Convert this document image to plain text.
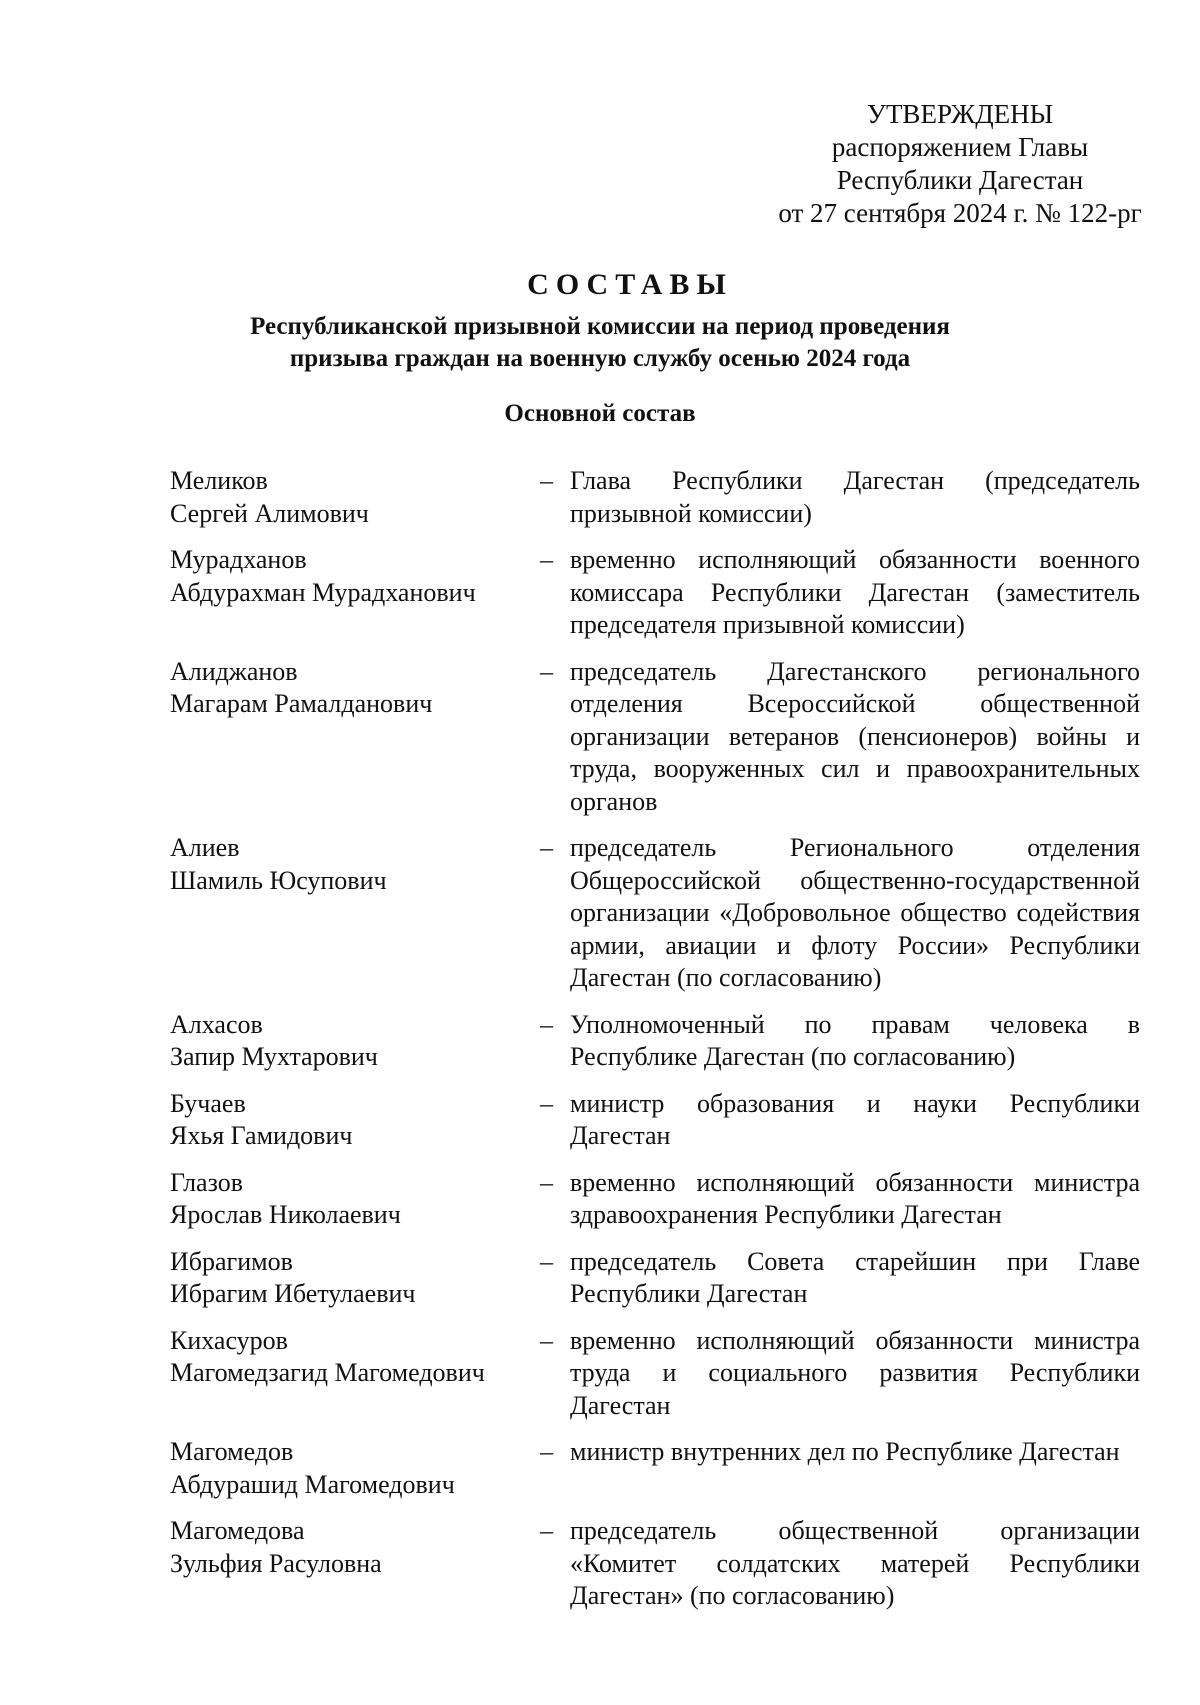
УТВЕРЖДЕНЫ
распоряжением Главы
Республики Дагестан
от 27 сентября 2024 г. № 122-рг
СОСТАВЫ
Республиканской призывной комиссии на период проведения
призыва граждан на военную службу осенью 2024 года
Основной состав
Меликов
Сергей Алимович
– Глава Республики Дагестан (председатель призывной комиссии)
Мурадханов
Абдурахман Мурадханович
– временно исполняющий обязанности военного комиссара Республики Дагестан (заместитель председателя призывной комиссии)
Алиджанов
Магарам Рамалданович
– председатель Дагестанского регионального отделения Всероссийской общественной организации ветеранов (пенсионеров) войны и труда, вооруженных сил и правоохранительных органов
Алиев
Шамиль Юсупович
– председатель Регионального отделения Общероссийской общественно-государственной организации «Добровольное общество содействия армии, авиации и флоту России» Республики Дагестан (по согласованию)
Алхасов
Запир Мухтарович
– Уполномоченный по правам человека в Республике Дагестан (по согласованию)
Бучаев
Яхья Гамидович
– министр образования и науки Республики Дагестан
Глазов
Ярослав Николаевич
– временно исполняющий обязанности министра здравоохранения Республики Дагестан
Ибрагимов
Ибрагим Ибетулаевич
– председатель Совета старейшин при Главе Республики Дагестан
Кихасуров
Магомедзагид Магомедович
– временно исполняющий обязанности министра труда и социального развития Республики Дагестан
Магомедов
Абдурашид Магомедович
– министр внутренних дел по Республике Дагестан
Магомедова
Зульфия Расуловна
– председатель общественной организации «Комитет солдатских матерей Республики Дагестан» (по согласованию)
